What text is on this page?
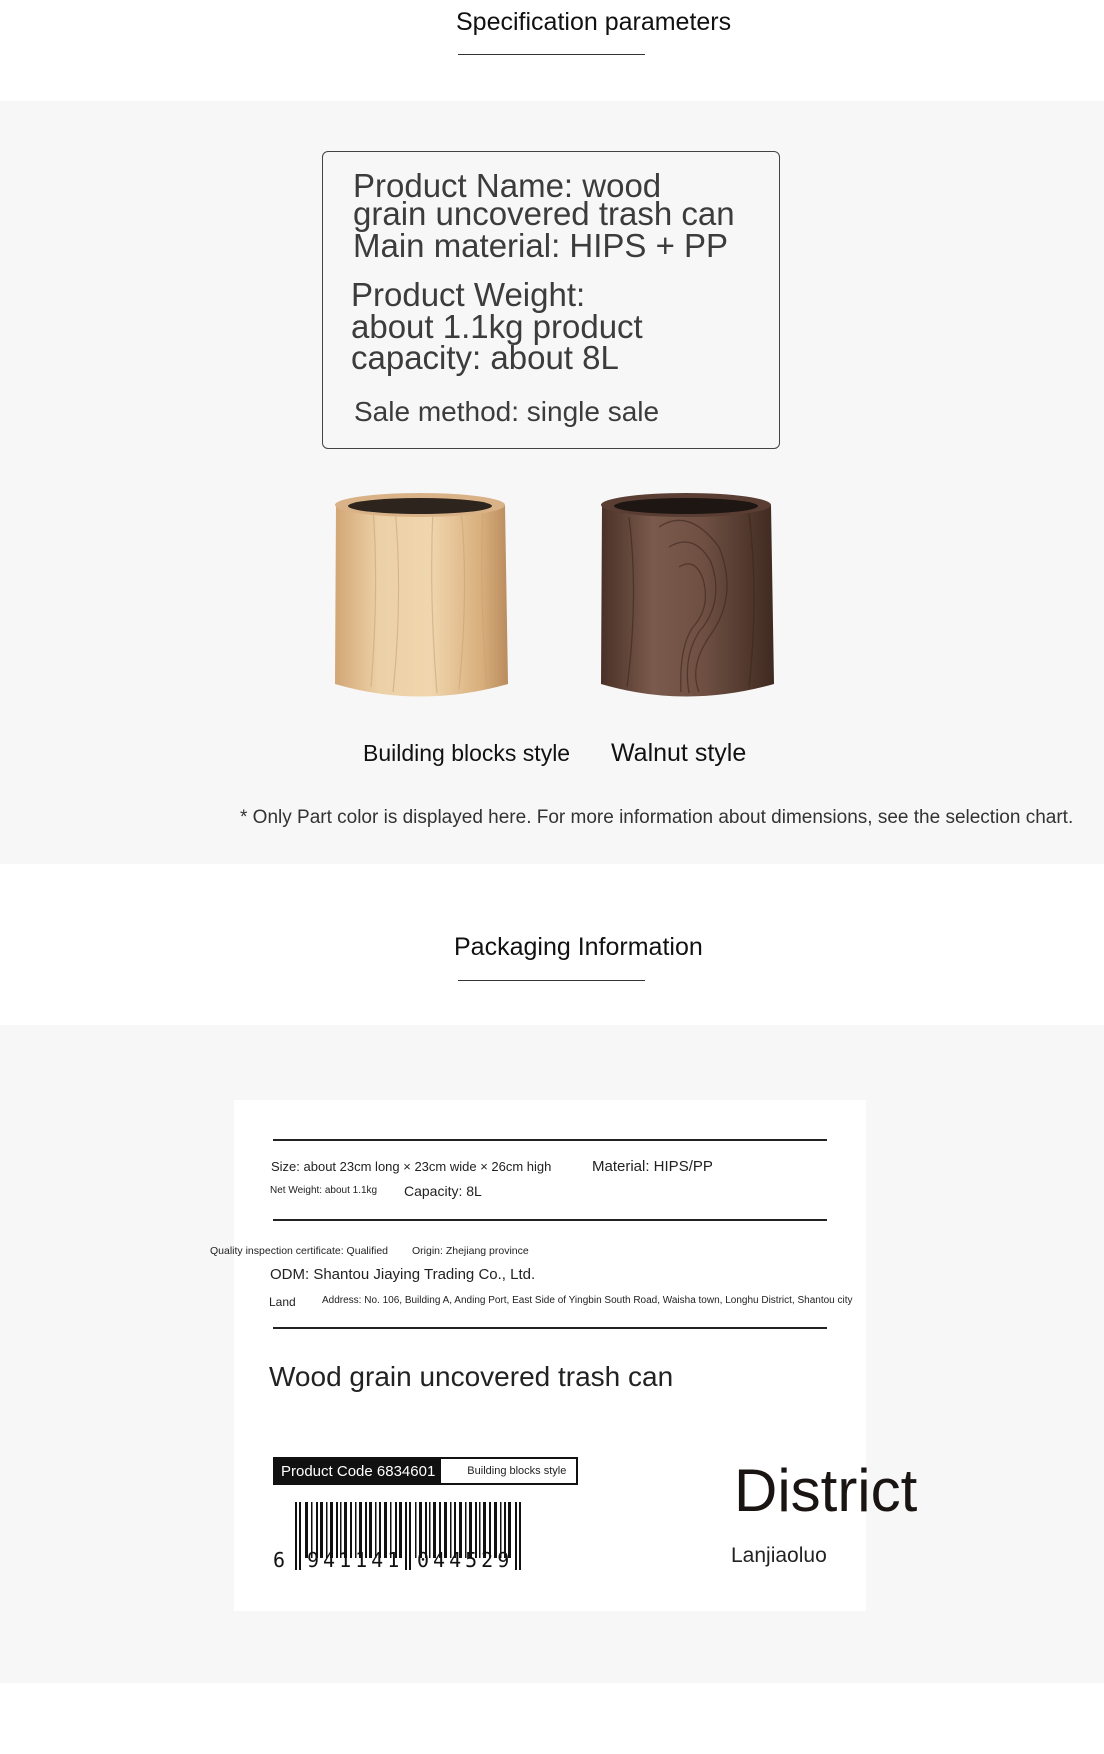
Specification parameters
Product Name: wood
grain uncovered trash can
Main material: HIPS + PP
Product Weight:
about 1.1kg product
capacity: about 8L
Sale method: single sale
Building blocks style Walnut style
* Only Part color is displayed here. For more information about dimensions, see the selection chart.
Packaging Information
Size: about 23cm long × 23cm wide × 26cm high	Material: HIPS/PP
Net Weight: about 1.1kg Capacity: 8L
Quality inspection certificate: Qualified Origin: Zhejiang province
ODM: Shantou Jiaying Trading Co., Ltd.
Land	Address: No. 106, Building A, Anding Port, East Side of Yingbin South Road, Waisha town, Longhu District, Shantou city
Wood grain uncovered trash can
Product Code 6834601	Building blocks style
6 941141 044529
District
Lanjiaoluo
